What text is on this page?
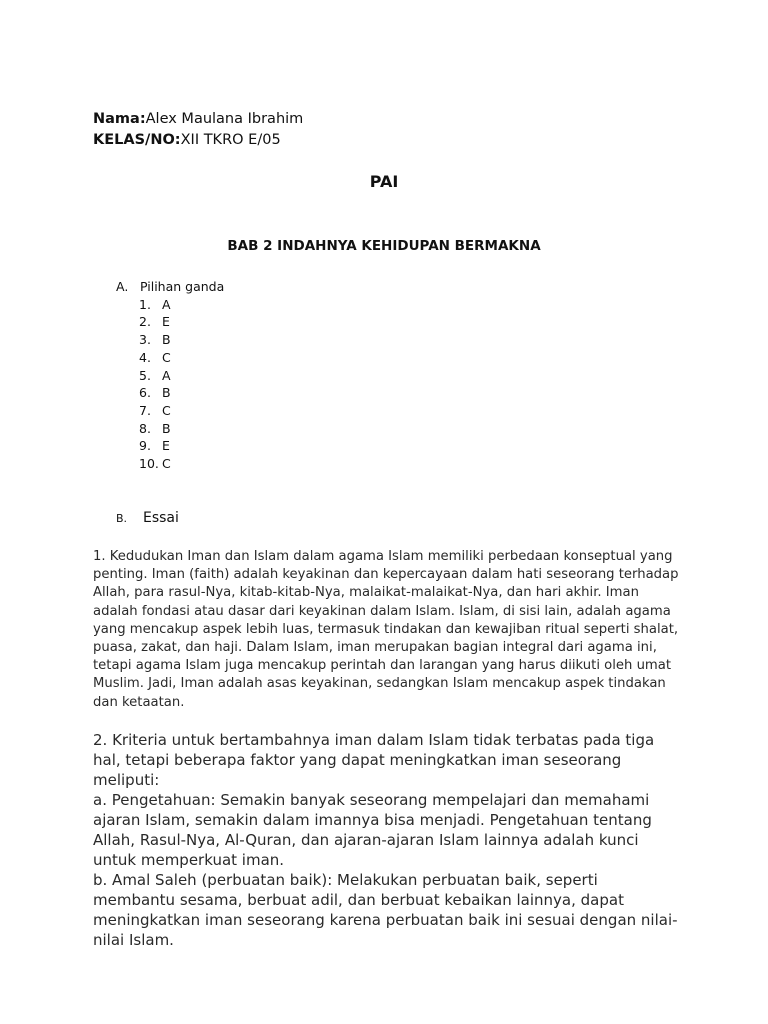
Nama:Alex Maulana Ibrahim
KELAS/NO:XII TKRO E/05
PAI
BAB 2 INDAHNYA KEHIDUPAN BERMAKNA
A. Pilihan ganda
1. A
2. E
3. B
4. C
5. A
6. B
7. C
8. B
9. E
10. C
B. Essai

1. Kedudukan Iman dan Islam dalam agama Islam memiliki perbedaan konseptual yang penting. Iman (faith) adalah keyakinan dan kepercayaan dalam hati seseorang terhadap Allah, para rasul-Nya, kitab-kitab-Nya, malaikat-malaikat-Nya, dan hari akhir. Iman adalah fondasi atau dasar dari keyakinan dalam Islam. Islam, di sisi lain, adalah agama yang mencakup aspek lebih luas, termasuk tindakan dan kewajiban ritual seperti shalat, puasa, zakat, dan haji. Dalam Islam, iman merupakan bagian integral dari agama ini, tetapi agama Islam juga mencakup perintah dan larangan yang harus diikuti oleh umat Muslim. Jadi, Iman adalah asas keyakinan, sedangkan Islam mencakup aspek tindakan dan ketaatan.

2. Kriteria untuk bertambahnya iman dalam Islam tidak terbatas pada tiga hal, tetapi beberapa faktor yang dapat meningkatkan iman seseorang meliputi:

a. Pengetahuan: Semakin banyak seseorang mempelajari dan memahami ajaran Islam, semakin dalam imannya bisa menjadi. Pengetahuan tentang Allah, Rasul-Nya, Al-Quran, dan ajaran-ajaran Islam lainnya adalah kunci untuk memperkuat iman.

b. Amal Saleh (perbuatan baik): Melakukan perbuatan baik, seperti membantu sesama, berbuat adil, dan berbuat kebaikan lainnya, dapat meningkatkan iman seseorang karena perbuatan baik ini sesuai dengan nilai-nilai Islam.
